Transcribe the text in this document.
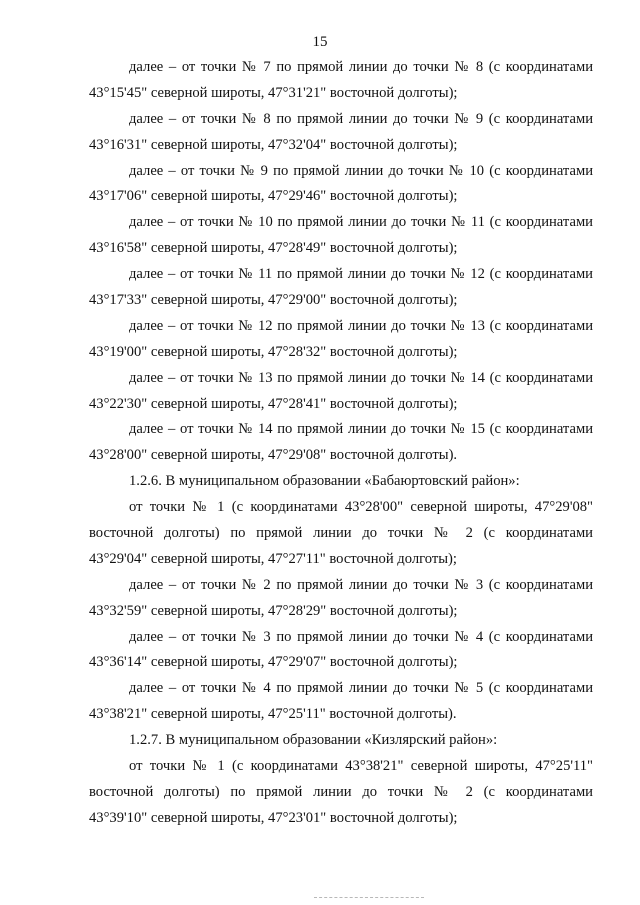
15
далее – от точки № 7 по прямой линии до точки № 8 (с координатами
43°15'45" северной широты, 47°31'21" восточной долготы);
далее – от точки № 8 по прямой линии до точки № 9 (с координатами
43°16'31" северной широты, 47°32'04" восточной долготы);
далее – от точки № 9 по прямой линии до точки № 10 (с координатами
43°17'06" северной широты, 47°29'46" восточной долготы);
далее – от точки № 10 по прямой линии до точки № 11 (с координатами
43°16'58" северной широты, 47°28'49" восточной долготы);
далее – от точки № 11 по прямой линии до точки № 12 (с координатами
43°17'33" северной широты, 47°29'00" восточной долготы);
далее – от точки № 12 по прямой линии до точки № 13 (с координатами
43°19'00" северной широты, 47°28'32" восточной долготы);
далее – от точки № 13 по прямой линии до точки № 14 (с координатами
43°22'30" северной широты, 47°28'41" восточной долготы);
далее – от точки № 14 по прямой линии до точки № 15 (с координатами
43°28'00" северной широты, 47°29'08" восточной долготы).
1.2.6. В муниципальном образовании «Бабаюртовский район»:
от точки № 1 (с координатами 43°28'00" северной широты, 47°29'08"
восточной долготы) по прямой линии до точки № 2 (с координатами
43°29'04" северной широты, 47°27'11" восточной долготы);
далее – от точки № 2 по прямой линии до точки № 3 (с координатами
43°32'59" северной широты, 47°28'29" восточной долготы);
далее – от точки № 3 по прямой линии до точки № 4 (с координатами
43°36'14" северной широты, 47°29'07" восточной долготы);
далее – от точки № 4 по прямой линии до точки № 5 (с координатами
43°38'21" северной широты, 47°25'11" восточной долготы).
1.2.7. В муниципальном образовании «Кизлярский район»:
от точки № 1 (с координатами 43°38'21" северной широты, 47°25'11"
восточной долготы) по прямой линии до точки № 2 (с координатами
43°39'10" северной широты, 47°23'01" восточной долготы);
